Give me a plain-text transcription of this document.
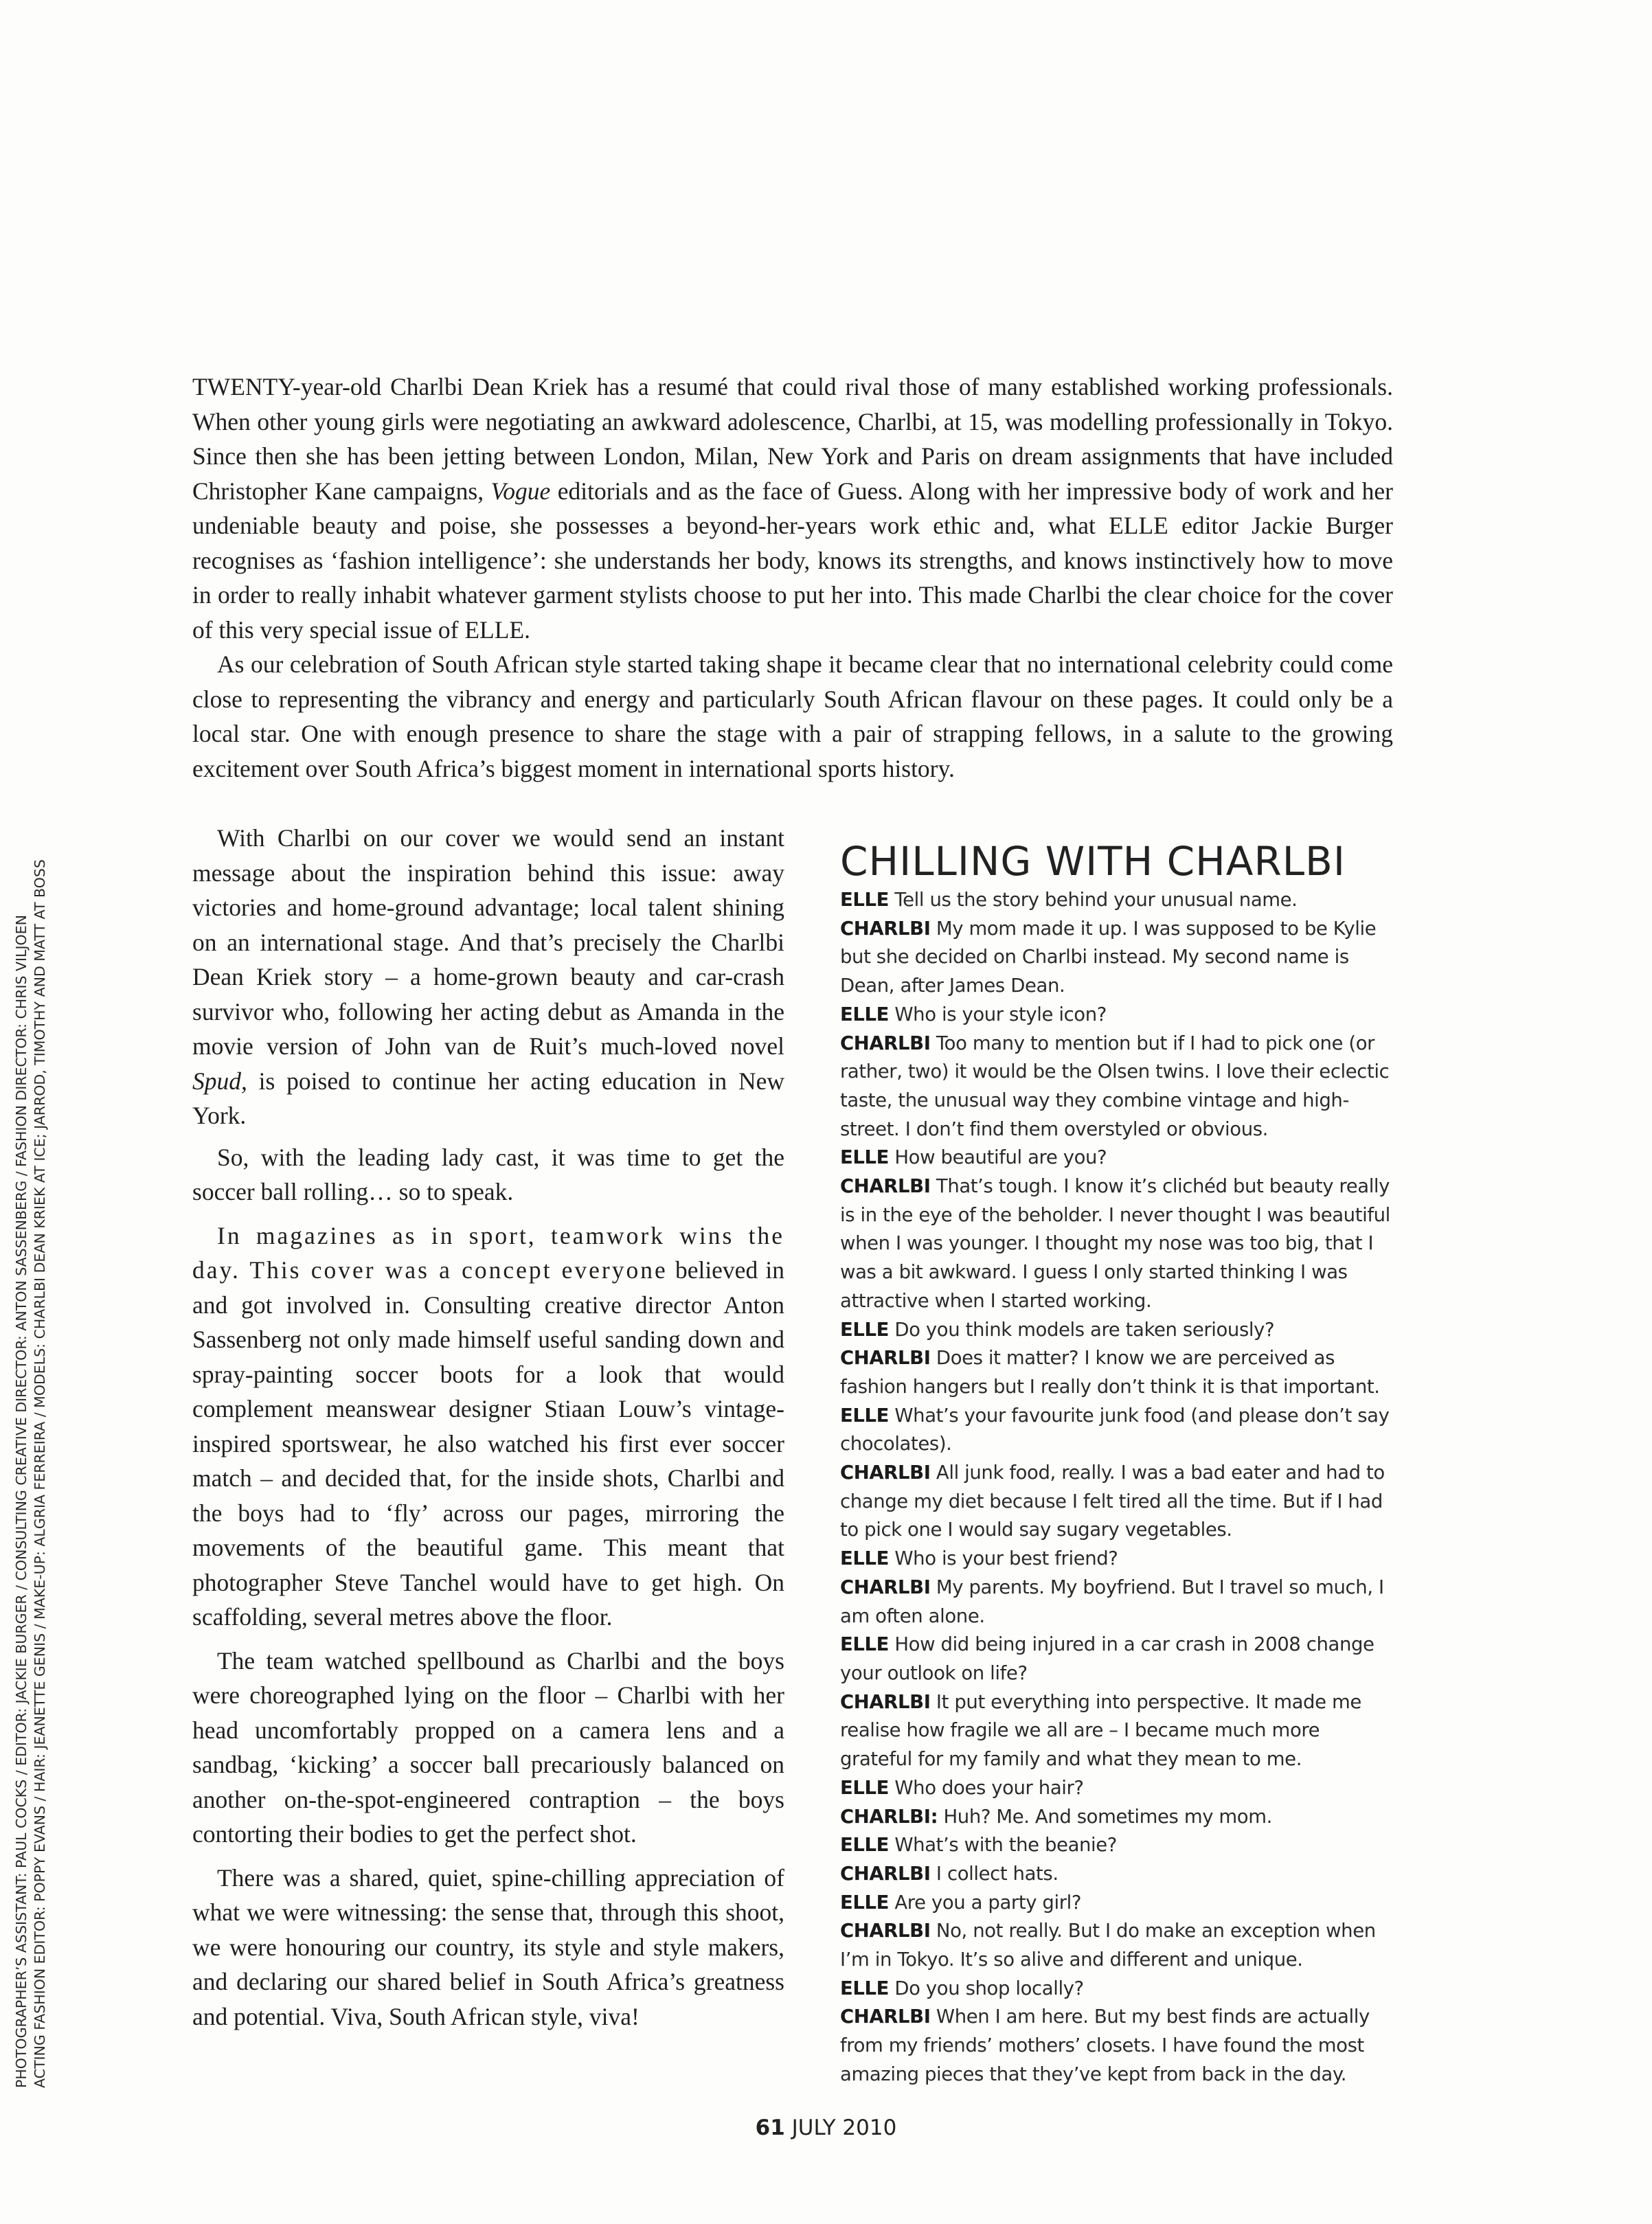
PHOTOGRAPHER’S ASSISTANT: PAUL COCKS / EDITOR: JACKIE BURGER / CONSULTING CREATIVE DIRECTOR: ANTON SASSENBERG / FASHION DIRECTOR: CHRIS VILJOEN ACTING FASHION EDITOR: POPPY EVANS / HAIR: JEANETTE GENIS / MAKE-UP: ALGRIA FERREIRA / MODELS: CHARLBI DEAN KRIEK AT ICE; JARROD, TIMOTHY AND MATT AT BOSS

TWENTY-year-old Charlbi Dean Kriek has a resumé that could rival those of many established working professionals. When other young girls were negotiating an awkward adolescence, Charlbi, at 15, was modelling professionally in Tokyo. Since then she has been jetting between London, Milan, New York and Paris on dream assignments that have included Christopher Kane campaigns, Vogue editorials and as the face of Guess. Along with her impressive body of work and her undeniable beauty and poise, she possesses a beyond-her-years work ethic and, what ELLE editor Jackie Burger recognises as ‘fashion intelligence’: she understands her body, knows its strengths, and knows instinctively how to move in order to really inhabit whatever garment stylists choose to put her into. This made Charlbi the clear choice for the cover of this very special issue of ELLE.

As our celebration of South African style started taking shape it became clear that no international celebrity could come close to representing the vibrancy and energy and particularly South African flavour on these pages. It could only be a local star. One with enough presence to share the stage with a pair of strapping fellows, in a salute to the growing excitement over South Africa’s biggest moment in international sports history.

With Charlbi on our cover we would send an instant message about the inspiration behind this issue: away victories and home-ground advantage; local talent shining on an international stage. And that’s precisely the Charlbi Dean Kriek story – a home-grown beauty and car-crash survivor who, following her acting debut as Amanda in the movie version of John van de Ruit’s much-loved novel Spud, is poised to continue her acting education in New York.

So, with the leading lady cast, it was time to get the soccer ball rolling… so to speak.

In magazines as in sport, teamwork wins the day. This cover was a concept everyone believed in and got involved in. Consulting creative director Anton Sassenberg not only made himself useful sanding down and spray-painting soccer boots for a look that would complement meanswear designer Stiaan Louw’s vintage-inspired sportswear, he also watched his first ever soccer match – and decided that, for the inside shots, Charlbi and the boys had to ‘fly’ across our pages, mirroring the movements of the beautiful game. This meant that photographer Steve Tanchel would have to get high. On scaffolding, several metres above the floor.

The team watched spellbound as Charlbi and the boys were choreographed lying on the floor – Charlbi with her head uncomfortably propped on a camera lens and a sandbag, ‘kicking’ a soccer ball precariously balanced on another on-the-spot-engineered contraption – the boys contorting their bodies to get the perfect shot.

There was a shared, quiet, spine-chilling appreciation of what we were witnessing: the sense that, through this shoot, we were honouring our country, its style and style makers, and declaring our shared belief in South Africa’s greatness and potential. Viva, South African style, viva!

CHILLING WITH CHARLBI

ELLE Tell us the story behind your unusual name.

CHARLBI My mom made it up. I was supposed to be Kylie but she decided on Charlbi instead. My second name is Dean, after James Dean.

ELLE Who is your style icon?

CHARLBI Too many to mention but if I had to pick one (or rather, two) it would be the Olsen twins. I love their eclectic taste, the unusual way they combine vintage and high-street. I don’t find them overstyled or obvious.

ELLE How beautiful are you?

CHARLBI That’s tough. I know it’s clichéd but beauty really is in the eye of the beholder. I never thought I was beautiful when I was younger. I thought my nose was too big, that I was a bit awkward. I guess I only started thinking I was attractive when I started working.

ELLE Do you think models are taken seriously?

CHARLBI Does it matter? I know we are perceived as fashion hangers but I really don’t think it is that important.

ELLE What’s your favourite junk food (and please don’t say chocolates).

CHARLBI All junk food, really. I was a bad eater and had to change my diet because I felt tired all the time. But if I had to pick one I would say sugary vegetables.

ELLE Who is your best friend?

CHARLBI My parents. My boyfriend. But I travel so much, I am often alone.

ELLE How did being injured in a car crash in 2008 change your outlook on life?

CHARLBI It put everything into perspective. It made me realise how fragile we all are – I became much more grateful for my family and what they mean to me.

ELLE Who does your hair?

CHARLBI: Huh? Me. And sometimes my mom.

ELLE What’s with the beanie?

CHARLBI I collect hats.

ELLE Are you a party girl?

CHARLBI No, not really. But I do make an exception when I’m in Tokyo. It’s so alive and different and unique.

ELLE Do you shop locally?

CHARLBI When I am here. But my best finds are actually from my friends’ mothers’ closets. I have found the most amazing pieces that they’ve kept from back in the day.

61 JULY 2010
